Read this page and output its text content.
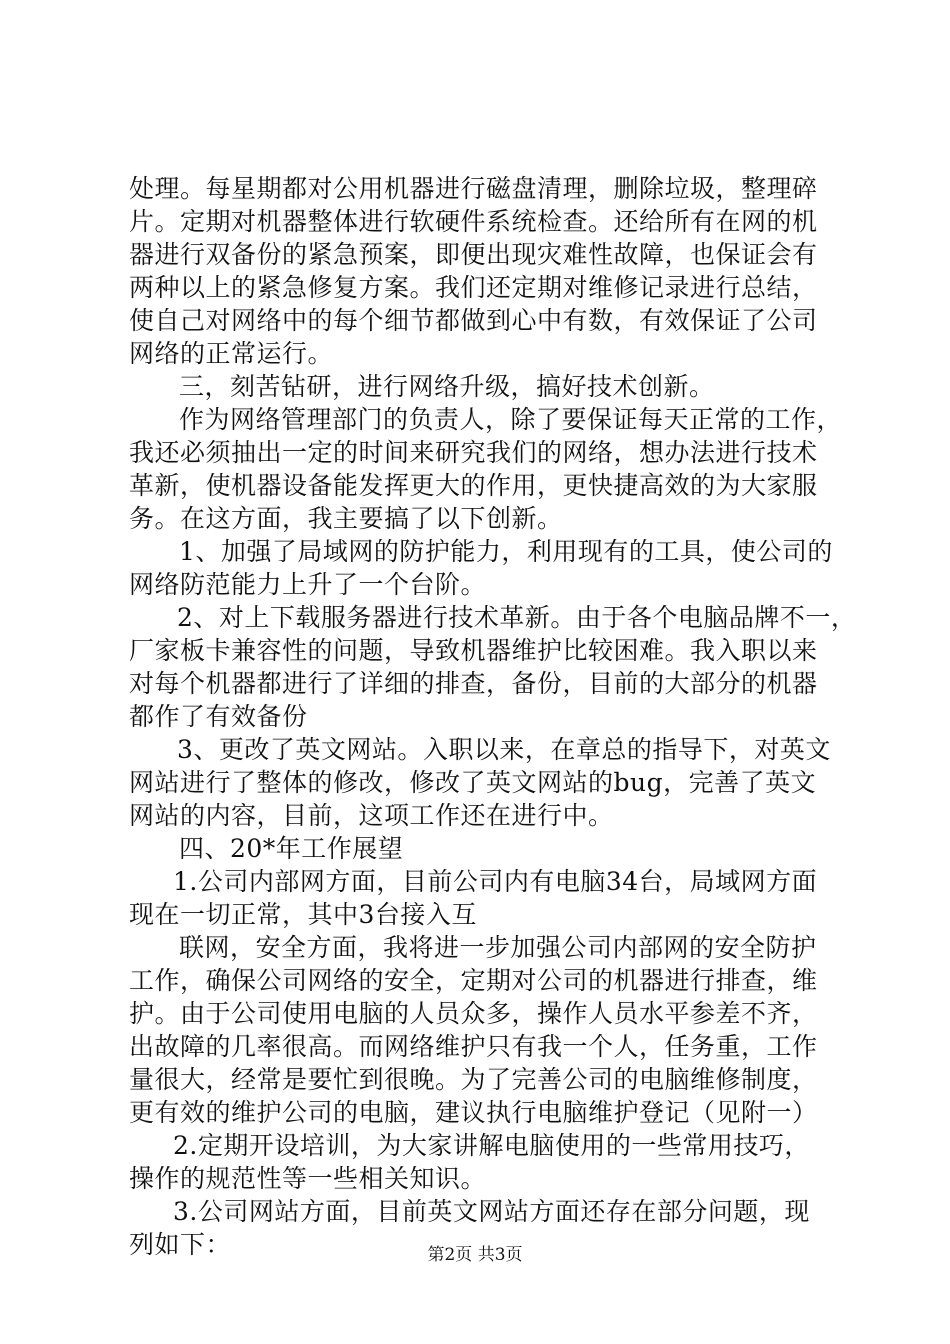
处理。每星期都对公用机器进行磁盘清理，删除垃圾，整理碎
片。定期对机器整体进行软硬件系统检查。还给所有在网的机
器进行双备份的紧急预案，即便出现灾难性故障，也保证会有
两种以上的紧急修复方案。我们还定期对维修记录进行总结，
使自己对网络中的每个细节都做到心中有数，有效保证了公司
网络的正常运行。
三，刻苦钻研，进行网络升级，搞好技术创新。
作为网络管理部门的负责人，除了要保证每天正常的工作，
我还必须抽出一定的时间来研究我们的网络，想办法进行技术
革新，使机器设备能发挥更大的作用，更快捷高效的为大家服
务。在这方面，我主要搞了以下创新。
1、加强了局域网的防护能力，利用现有的工具，使公司的
网络防范能力上升了一个台阶。
2、对上下载服务器进行技术革新。由于各个电脑品牌不一，
厂家板卡兼容性的问题，导致机器维护比较困难。我入职以来
对每个机器都进行了详细的排查，备份，目前的大部分的机器
都作了有效备份
3、更改了英文网站。入职以来，在章总的指导下，对英文
网站进行了整体的修改，修改了英文网站的bug，完善了英文
网站的内容，目前，这项工作还在进行中。
四、20*年工作展望
1.公司内部网方面，目前公司内有电脑34台，局域网方面
现在一切正常，其中3台接入互
联网，安全方面，我将进一步加强公司内部网的安全防护
工作，确保公司网络的安全，定期对公司的机器进行排查，维
护。由于公司使用电脑的人员众多，操作人员水平参差不齐，
出故障的几率很高。而网络维护只有我一个人，任务重，工作
量很大，经常是要忙到很晚。为了完善公司的电脑维修制度，
更有效的维护公司的电脑，建议执行电脑维护登记（见附一）
2.定期开设培训，为大家讲解电脑使用的一些常用技巧，
操作的规范性等一些相关知识。
3.公司网站方面，目前英文网站方面还存在部分问题，现
列如下：	第2页 共3页
